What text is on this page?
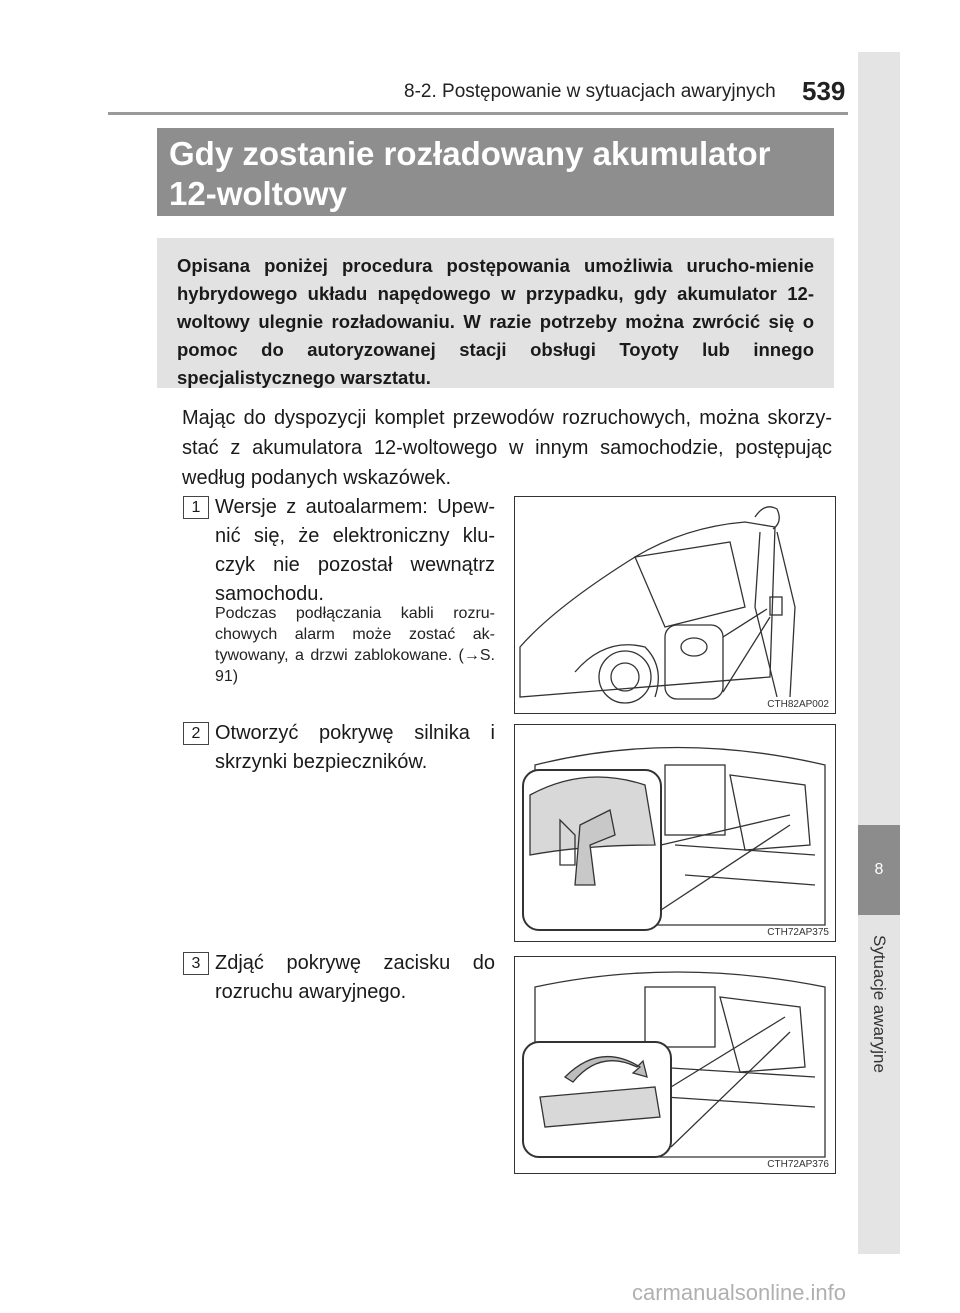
8
Sytuacje awaryjne
8-2. Postępowanie w sytuacjach awaryjnych 539
Gdy zostanie rozładowany akumulator 12-woltowy
Opisana poniżej procedura postępowania umożliwia urucho-mienie hybrydowego układu napędowego w przypadku, gdy akumulator 12-woltowy ulegnie rozładowaniu. W razie potrzeby można zwrócić się o pomoc do autoryzowanej stacji obsługi Toyoty lub innego specjalistycznego warsztatu.
Mając do dyspozycji komplet przewodów rozruchowych, można skorzy-stać z akumulatora 12-woltowego w innym samochodzie, postępując według podanych wskazówek.
1 Wersje z autoalarmem: Upew-nić się, że elektroniczny klu-czyk nie pozostał wewnątrz samochodu.
Podczas podłączania kabli rozru-chowych alarm może zostać ak-tywowany, a drzwi zablokowane. (→S. 91)
CTH82AP002
2 Otworzyć pokrywę silnika i skrzynki bezpieczników.
CTH72AP375
3 Zdjąć pokrywę zacisku do rozruchu awaryjnego.
CTH72AP376
carmanualsonline.info
